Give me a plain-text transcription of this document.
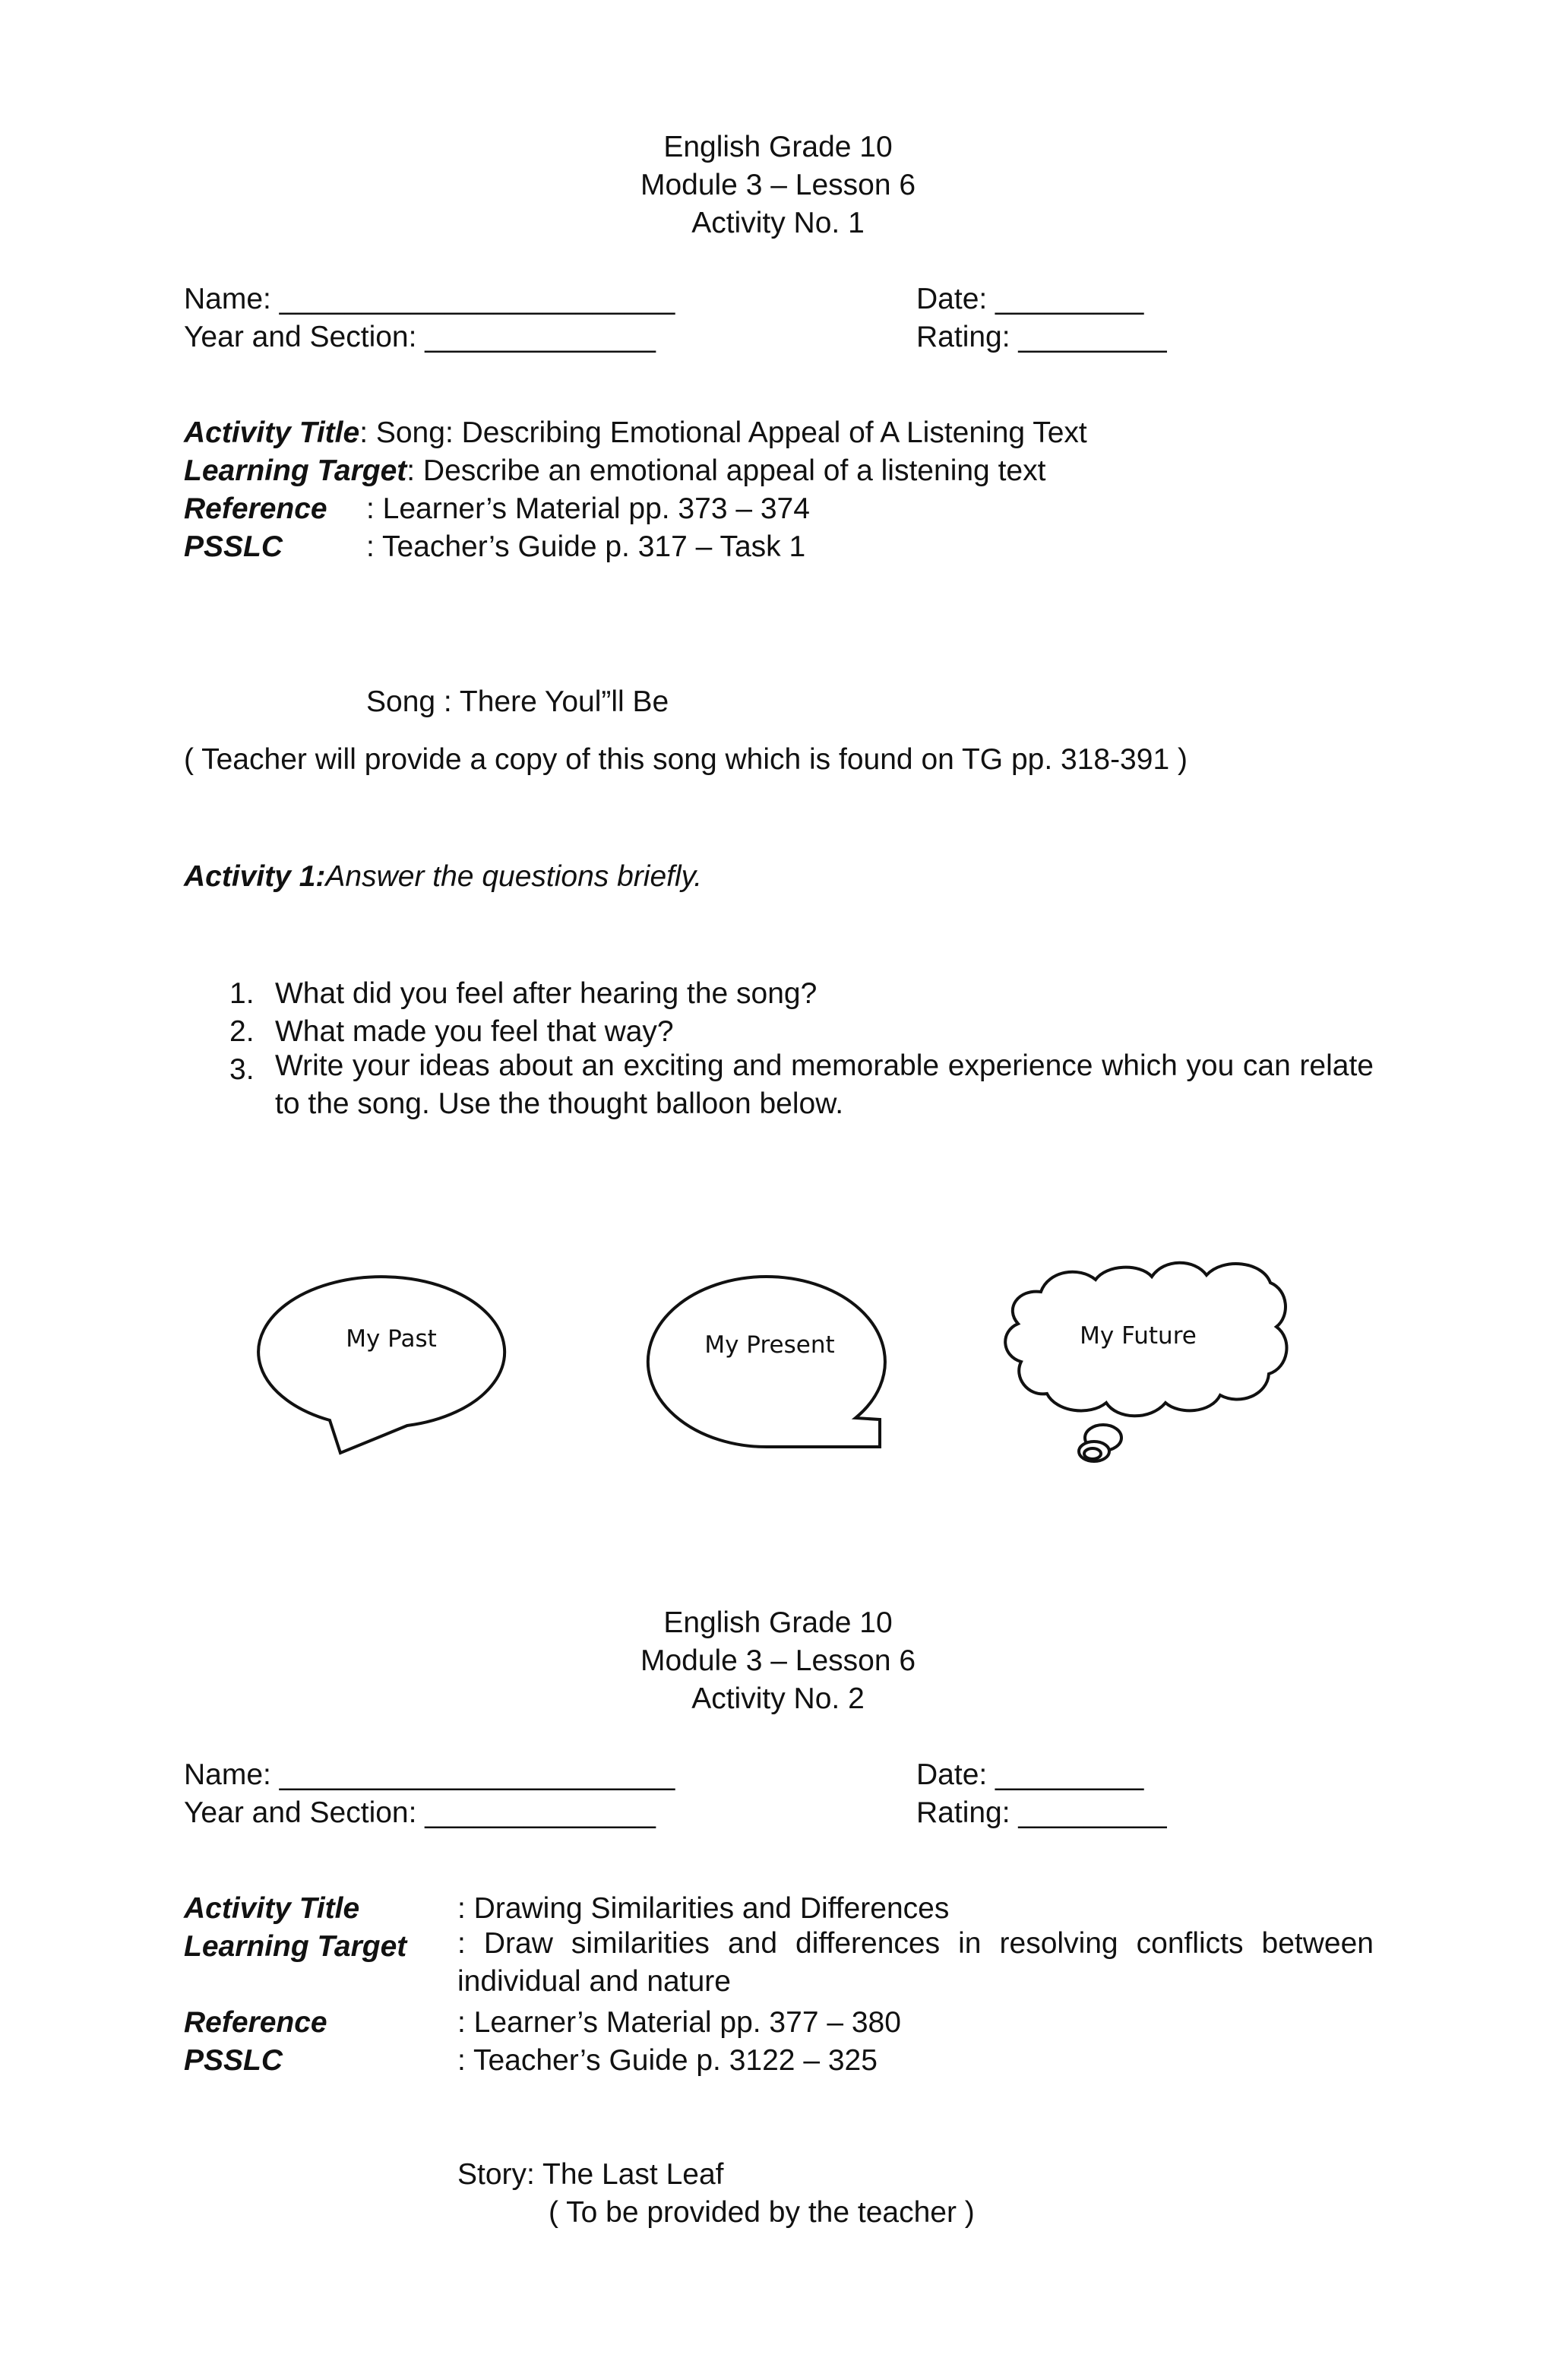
English Grade 10
Module 3 – Lesson 6
Activity No. 1
Name: ________________________	Date: _________
Year and Section: ______________	Rating: _________
Activity Title: Song: Describing Emotional Appeal of A Listening Text
Learning Target: Describe an emotional appeal of a listening text
Reference : Learner’s Material pp. 373 – 374
PSSLC	: Teacher’s Guide p. 317 – Task 1
Song : There Youl”ll Be
( Teacher will provide a copy of this song which is found on TG pp. 318-391 )
Activity 1:Answer the questions briefly.
1. What did you feel after hearing the song?
2. What made you feel that way?
3. Write your ideas about an exciting and memorable experience which you can relate to the song. Use the thought balloon below.
My Past	My Present	My Future
English Grade 10
Module 3 – Lesson 6
Activity No. 2
Name: ________________________	Date: _________
Year and Section: ______________	Rating: _________
Activity Title	: Drawing Similarities and Differences
Learning Target : Draw similarities and differences in resolving conflicts between individual and nature
Reference	: Learner’s Material pp. 377 – 380
PSSLC	: Teacher’s Guide p. 3122 – 325
Story: The Last Leaf
( To be provided by the teacher )
